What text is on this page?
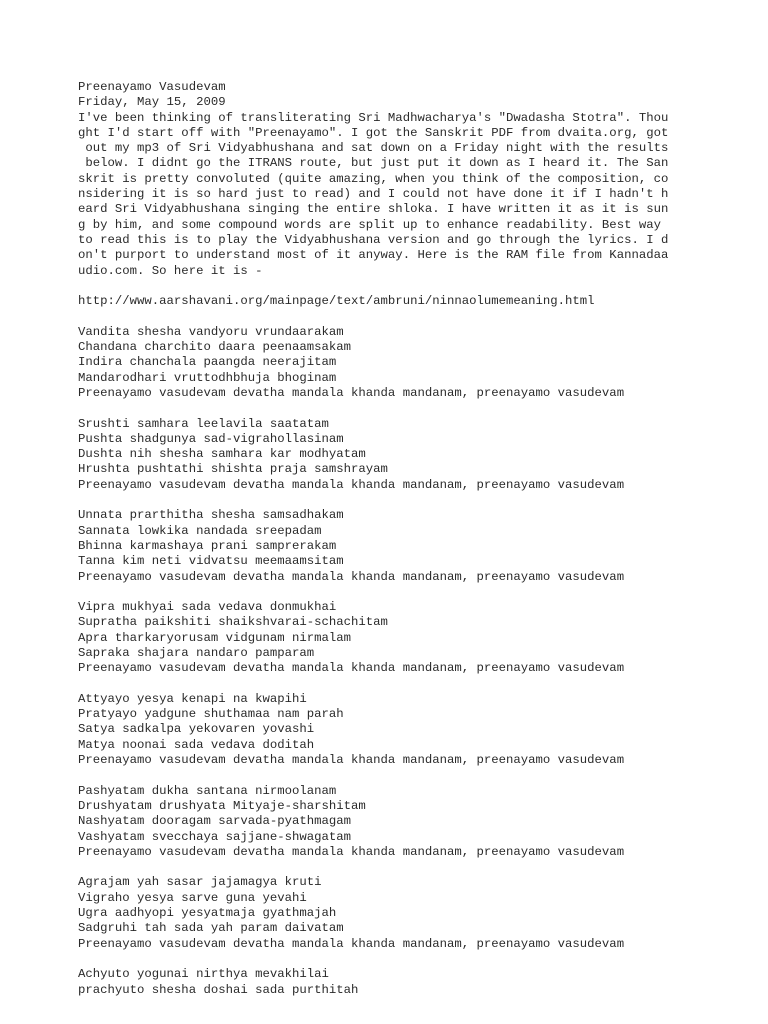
Preenayamo Vasudevam
Friday, May 15, 2009
I've been thinking of transliterating Sri Madhwacharya's "Dwadasha Stotra". Thou
ght I'd start off with "Preenayamo". I got the Sanskrit PDF from dvaita.org, got
out my mp3 of Sri Vidyabhushana and sat down on a Friday night with the results
below. I didnt go the ITRANS route, but just put it down as I heard it. The San
skrit is pretty convoluted (quite amazing, when you think of the composition, co
nsidering it is so hard just to read) and I could not have done it if I hadn't h
eard Sri Vidyabhushana singing the entire shloka. I have written it as it is sun
g by him, and some compound words are split up to enhance readability. Best way
to read this is to play the Vidyabhushana version and go through the lyrics. I d
on't purport to understand most of it anyway. Here is the RAM file from Kannadaa
udio.com. So here it is -
http://www.aarshavani.org/mainpage/text/ambruni/ninnaolumemeaning.html
Vandita shesha vandyoru vrundaarakam
Chandana charchito daara peenaamsakam
Indira chanchala paangda neerajitam
Mandarodhari vruttodhbhuja bhoginam
Preenayamo vasudevam devatha mandala khanda mandanam, preenayamo vasudevam
Srushti samhara leelavila saatatam
Pushta shadgunya sad-vigrahollasinam
Dushta nih shesha samhara kar modhyatam
Hrushta pushtathi shishta praja samshrayam
Preenayamo vasudevam devatha mandala khanda mandanam, preenayamo vasudevam
Unnata prarthitha shesha samsadhakam
Sannata lowkika nandada sreepadam
Bhinna karmashaya prani samprerakam
Tanna kim neti vidvatsu meemaamsitam
Preenayamo vasudevam devatha mandala khanda mandanam, preenayamo vasudevam
Vipra mukhyai sada vedava donmukhai
Supratha paikshiti shaikshvarai-schachitam
Apra tharkaryorusam vidgunam nirmalam
Sapraka shajara nandaro pamparam
Preenayamo vasudevam devatha mandala khanda mandanam, preenayamo vasudevam
Attyayo yesya kenapi na kwapihi
Pratyayo yadgune shuthamaa nam parah
Satya sadkalpa yekovaren yovashi
Matya noonai sada vedava doditah
Preenayamo vasudevam devatha mandala khanda mandanam, preenayamo vasudevam
Pashyatam dukha santana nirmoolanam
Drushyatam drushyata Mityaje-sharshitam
Nashyatam dooragam sarvada-pyathmagam
Vashyatam svecchaya sajjane-shwagatam
Preenayamo vasudevam devatha mandala khanda mandanam, preenayamo vasudevam
Agrajam yah sasar jajamagya kruti
Vigraho yesya sarve guna yevahi
Ugra aadhyopi yesyatmaja gyathmajah
Sadgruhi tah sada yah param daivatam
Preenayamo vasudevam devatha mandala khanda mandanam, preenayamo vasudevam
Achyuto yogunai nirthya mevakhilai
prachyuto shesha doshai sada purthitah
